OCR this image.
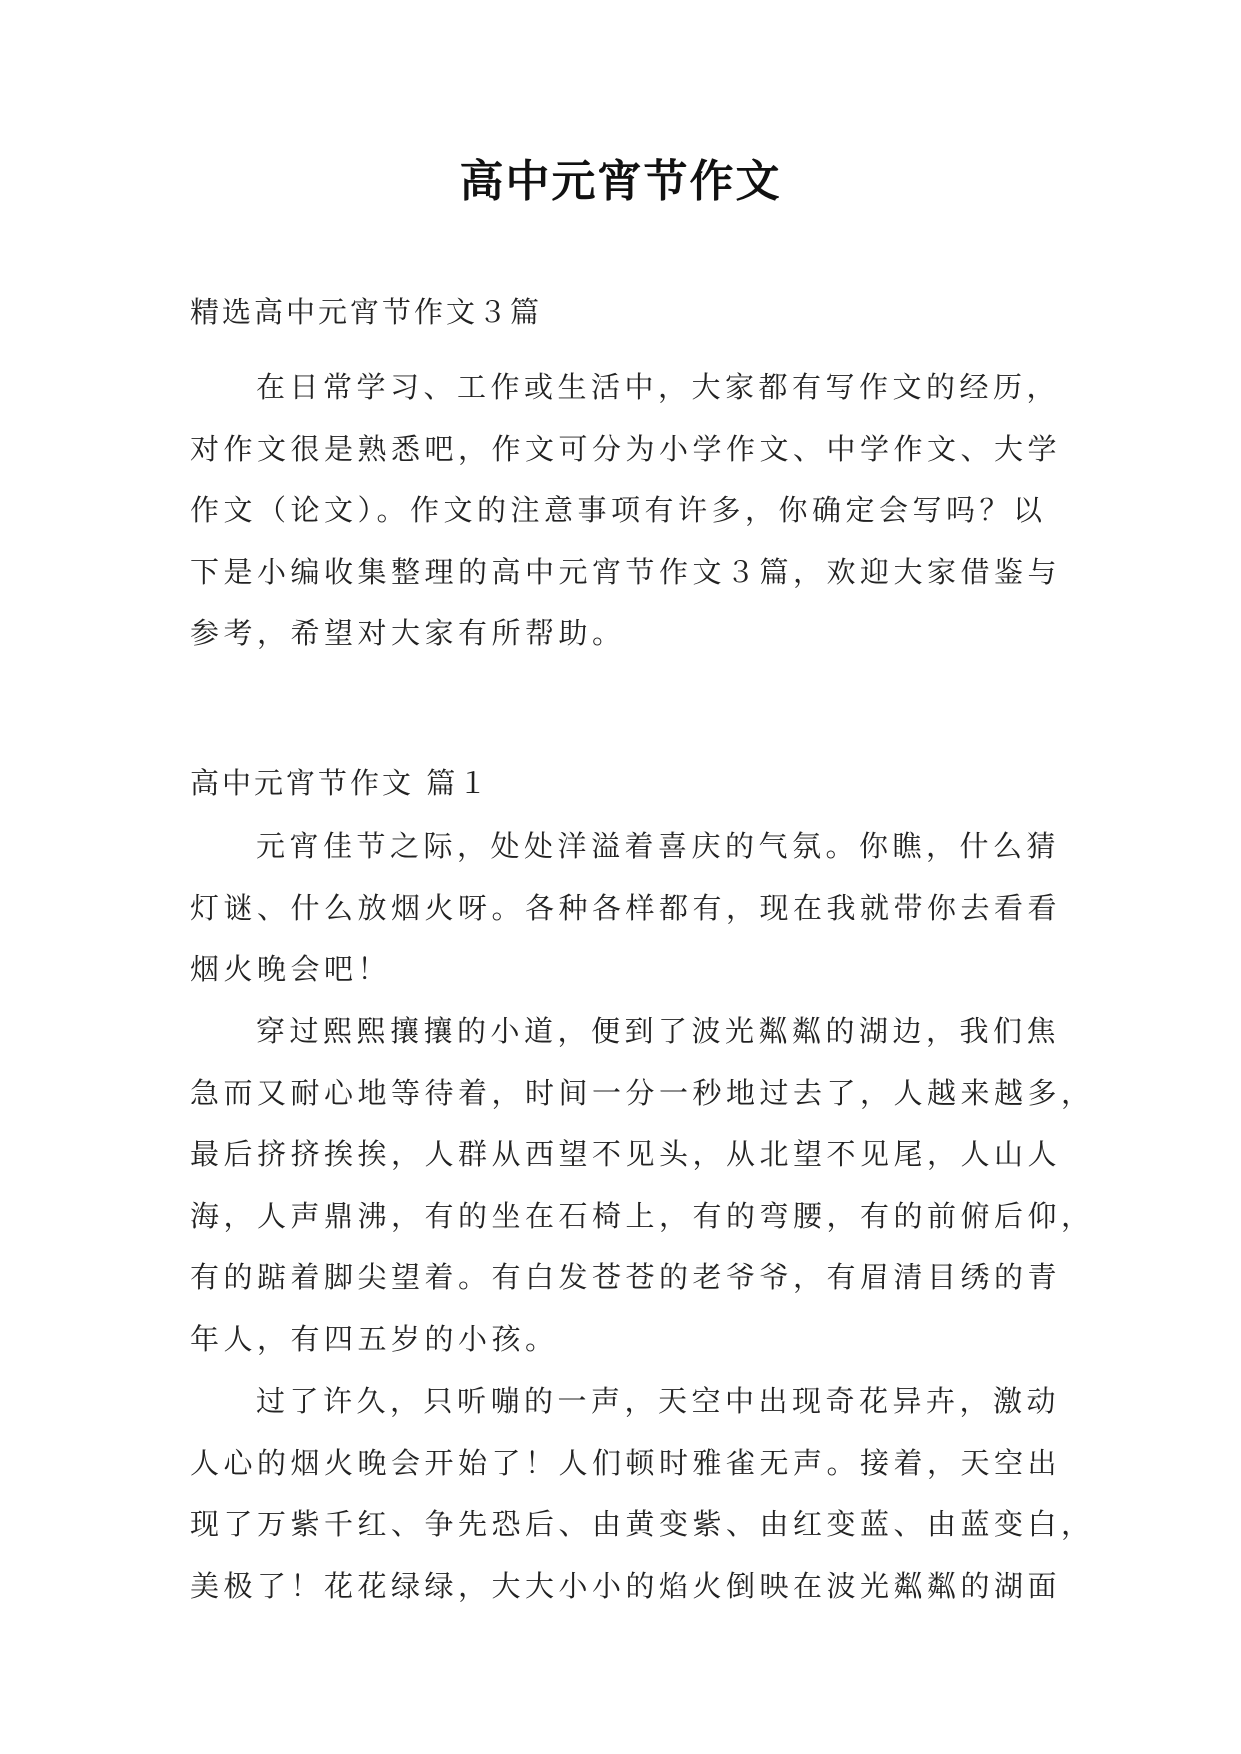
高中元宵节作文
精选高中元宵节作文３篇
在日常学习、工作或生活中，大家都有写作文的经历，
对作文很是熟悉吧，作文可分为小学作文、中学作文、大学
作文（论文）。作文的注意事项有许多，你确定会写吗？以
下是小编收集整理的高中元宵节作文３篇，欢迎大家借鉴与
参考，希望对大家有所帮助。
高中元宵节作文 篇１
元宵佳节之际，处处洋溢着喜庆的气氛。你瞧，什么猜
灯谜、什么放烟火呀。各种各样都有，现在我就带你去看看
烟火晚会吧！
穿过熙熙攘攘的小道，便到了波光粼粼的湖边，我们焦
急而又耐心地等待着，时间一分一秒地过去了，人越来越多，
最后挤挤挨挨，人群从西望不见头，从北望不见尾，人山人
海，人声鼎沸，有的坐在石椅上，有的弯腰，有的前俯后仰，
有的踮着脚尖望着。有白发苍苍的老爷爷，有眉清目绣的青
年人，有四五岁的小孩。
过了许久，只听嘣的一声，天空中出现奇花异卉，激动
人心的烟火晚会开始了！人们顿时雅雀无声。接着，天空出
现了万紫千红、争先恐后、由黄变紫、由红变蓝、由蓝变白，
美极了！花花绿绿，大大小小的焰火倒映在波光粼粼的湖面
